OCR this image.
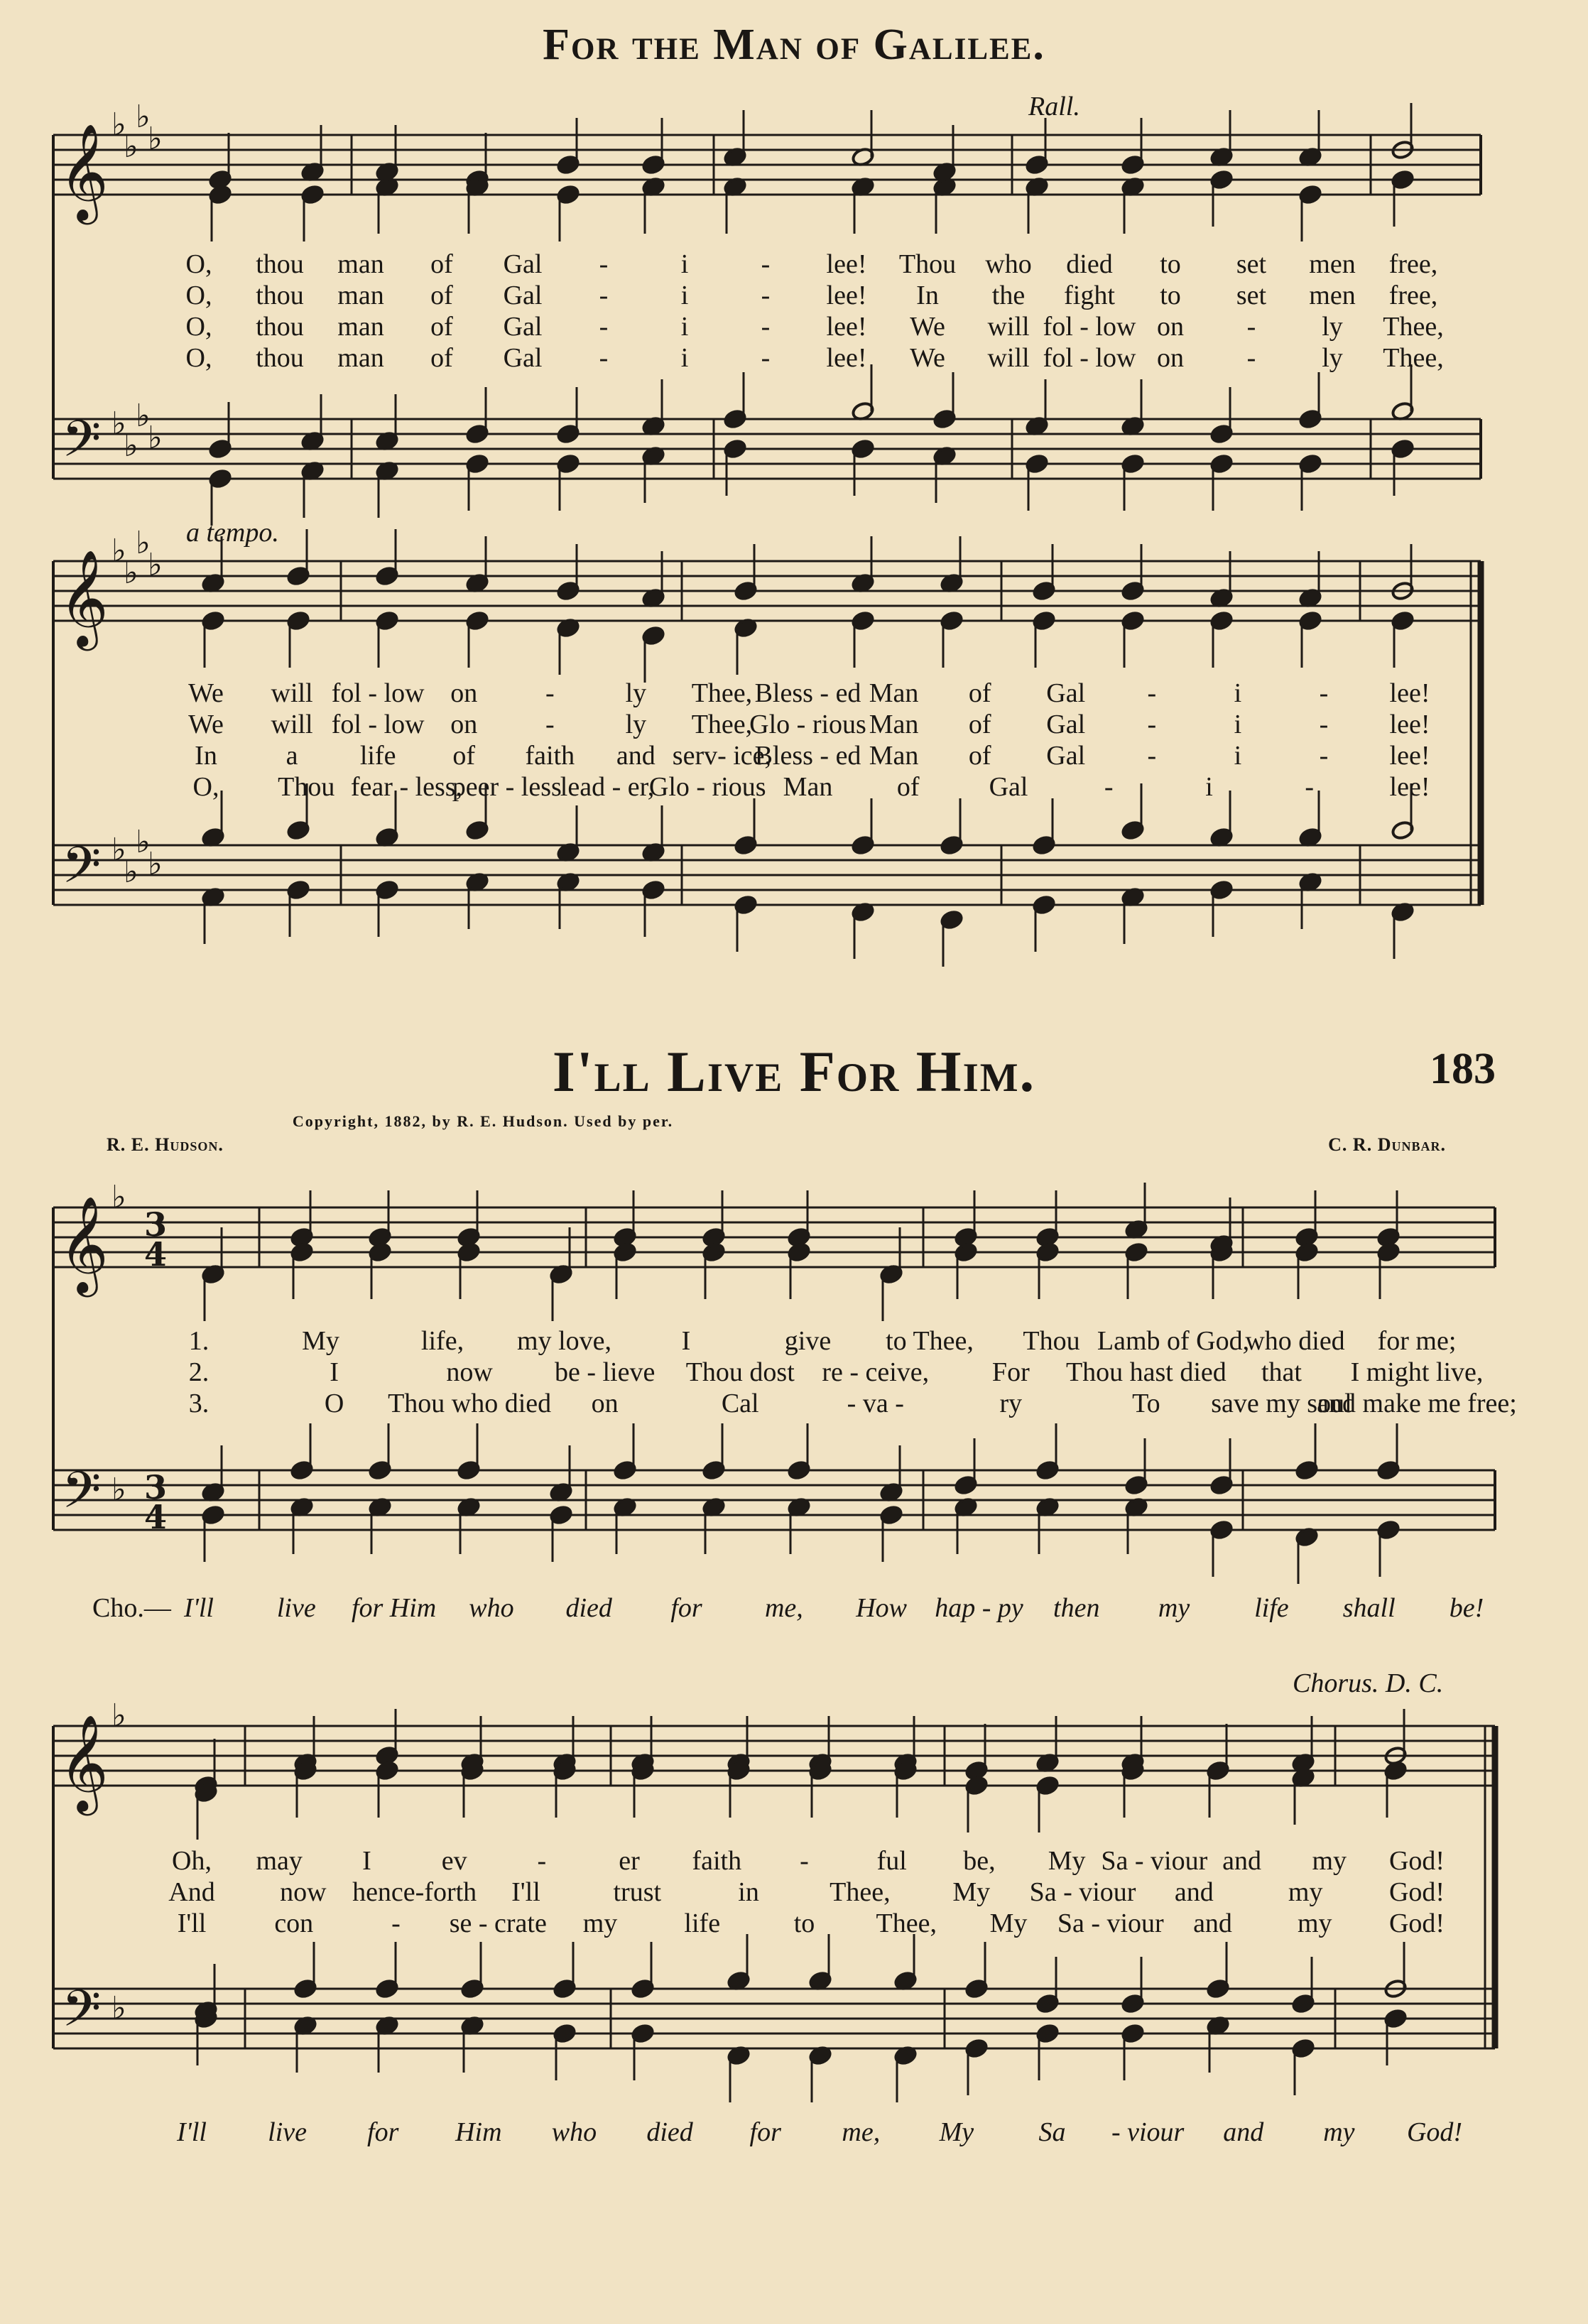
For the Man of Galilee.
I'll Live For Him.	183
Copyright, 1882, by R. E. Hudson. Used by per.
R. E. Hudson.	C. R. Dunbar.
Rall.
a tempo.
Chorus. D. C.
𝄞
𝄢
♭
♭
♭
♭
♭
♭
♭
♭
𝄞
𝄢
♭
♭
♭
♭
♭
♭
♭
♭
𝄞
𝄢
♭
♭
3
4
3
4
𝄞
𝄢
♭
♭
O, thou man of Gal -	i	- lee! Thou who died to set men free,
O, thou man of Gal -	i	- lee! In the fight to set men free,
O, thou man of Gal -	i	- lee! We will fol - low on - ly Thee,
O, thou man of Gal -	i	- lee! We will fol - low on - ly Thee,
We will fol - low on	-	ly Thee, Bless - ed Man of Gal -	i	- lee!
We will fol - low on	-	ly Thee,
Glo - rious Man of Gal -	i	- lee!
In	a life of faith and serv- ice,
Bless - ed Man of Gal -	i	- lee!
O, Thou fear - less,
peer - less
lead - er,
Glo - rious Man of	Gal	-	i	-	lee!
1.	My	life, my love,	I	give to Thee, Thou Lamb of God,
who died for me;
2.	I	now be - lieve Thou dost re - ceive, For Thou hast died that I might live,
3.	O Thou who died on	Cal	- va -	ry	To save my soul
and make me free;
I'll live for Him who died for me, How hap - py then my life shall be!
Cho.—
Oh, may I	ev	-	er faith -	ful be, My Sa - viour and my God!
And now hence-forth I'll	trust	in	Thee, My Sa - viour and	my God!
I'll	con	- se - crate my life	to Thee, My Sa - viour and my God!
I'll live for Him who died for me, My Sa - viour and my God!
